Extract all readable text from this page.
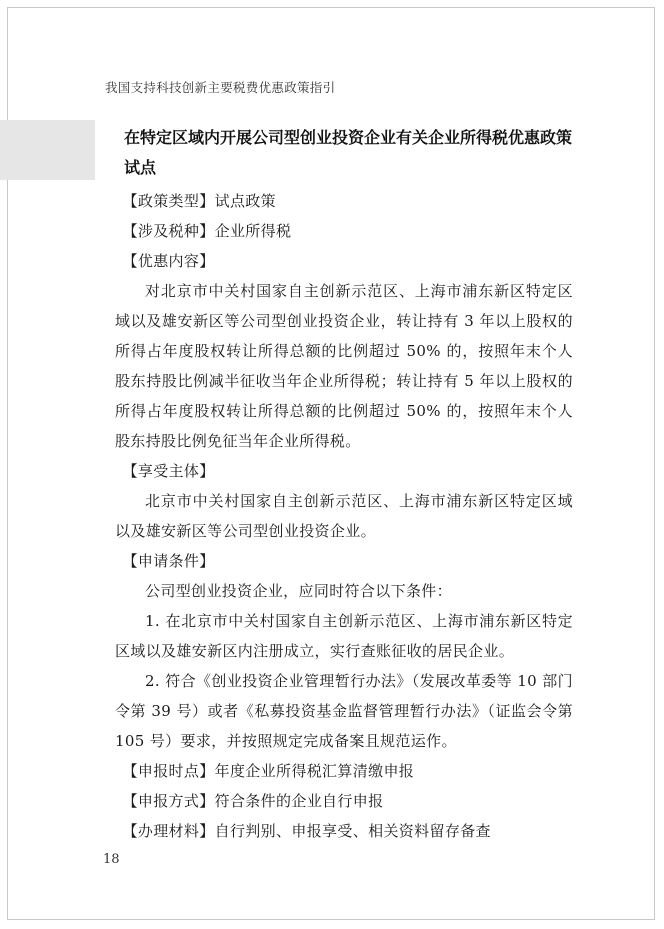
我国支持科技创新主要税费优惠政策指引
在特定区域内开展公司型创业投资企业有关企业所得税优惠政策试点

【政策类型】试点政策

【涉及税种】企业所得税

【优惠内容】

对北京市中关村国家自主创新示范区、上海市浦东新区特定区域以及雄安新区等公司型创业投资企业，转让持有 3 年以上股权的所得占年度股权转让所得总额的比例超过 50% 的，按照年末个人股东持股比例减半征收当年企业所得税；转让持有 5 年以上股权的所得占年度股权转让所得总额的比例超过 50% 的，按照年末个人股东持股比例免征当年企业所得税。

【享受主体】

北京市中关村国家自主创新示范区、上海市浦东新区特定区域以及雄安新区等公司型创业投资企业。

【申请条件】

公司型创业投资企业，应同时符合以下条件：

1. 在北京市中关村国家自主创新示范区、上海市浦东新区特定区域以及雄安新区内注册成立，实行查账征收的居民企业。

2. 符合《创业投资企业管理暂行办法》（发展改革委等 10 部门令第 39 号）或者《私募投资基金监督管理暂行办法》（证监会令第 105 号）要求，并按照规定完成备案且规范运作。

【申报时点】年度企业所得税汇算清缴申报

【申报方式】符合条件的企业自行申报

【办理材料】自行判别、申报享受、相关资料留存备查

18
